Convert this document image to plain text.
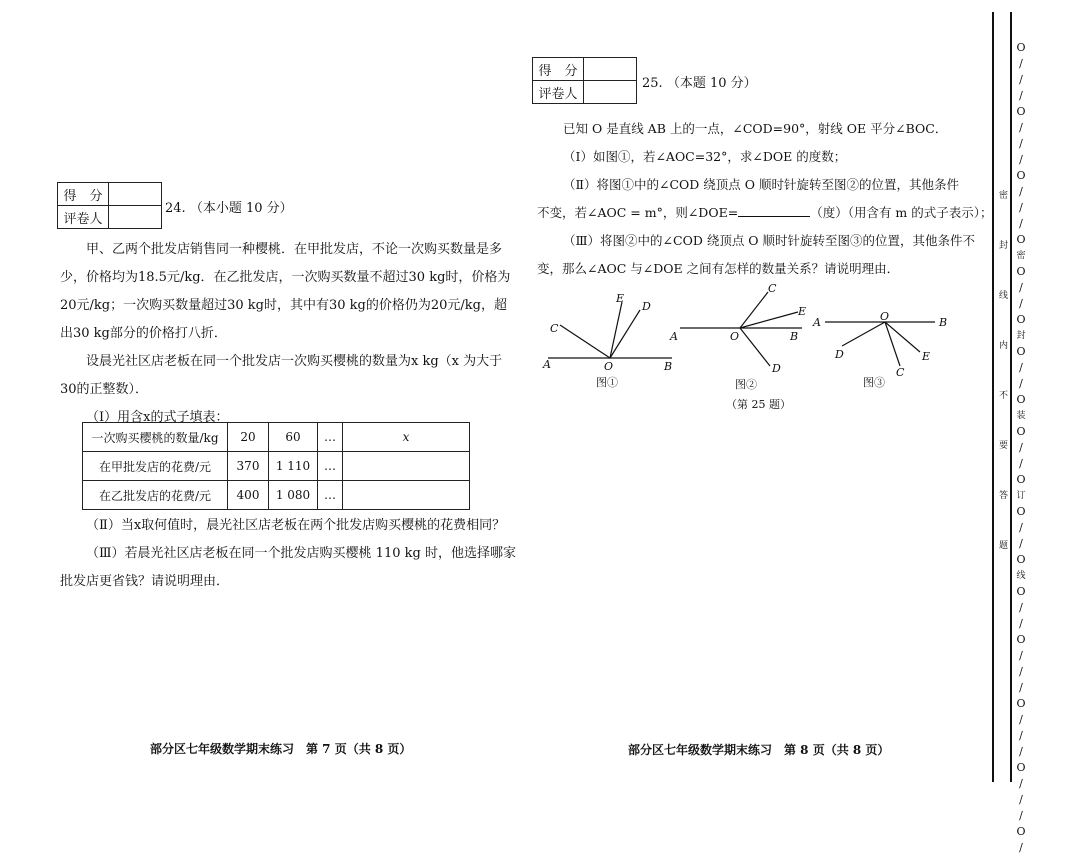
得　分	
评卷人	
24. （本小题 10 分）
甲、乙两个批发店销售同一种樱桃．在甲批发店，不论一次购买数量是多
少，价格均为18.5元/kg．在乙批发店，一次购买数量不超过30 kg时，价格为
20元/kg；一次购买数量超过30 kg时，其中有30 kg的价格仍为20元/kg，超
出30 kg部分的价格打八折．
设晨光社区店老板在同一个批发店一次购买樱桃的数量为x kg（x 为大于
30的正整数）．
（Ⅰ）用含x的式子填表：
一次购买樱桃的数量/kg	20	60	…	x
在甲批发店的花费/元	370	1 110	…	
在乙批发店的花费/元	400	1 080	…	
（Ⅱ）当x取何值时，晨光社区店老板在两个批发店购买樱桃的花费相同？
（Ⅲ）若晨光社区店老板在同一个批发店购买樱桃 110 kg 时，他选择哪家
批发店更省钱？请说明理由．
部分区七年级数学期末练习　第 7 页（共 8 页）
得　分	
评卷人	
25. （本题 10 分）
已知 O 是直线 AB 上的一点，∠COD=90°，射线 OE 平分∠BOC．
（Ⅰ）如图①，若∠AOC=32°，求∠DOE 的度数；
（Ⅱ）将图①中的∠COD 绕顶点 O 顺时针旋转至图②的位置，其他条件
不变，若∠AOC = m°，则∠DOE=	（度）（用含有 m 的式子表示）；
（Ⅲ）将图②中的∠COD 绕顶点 O 顺时针旋转至图③的位置，其他条件不
变，那么∠AOC 与∠DOE 之间有怎样的数量关系？请说明理由．
A	B
C
D
E
O
A	B
C
D
E
O
A	B
C
D	E
O
图①	图②	图③
（第 25 题）
部分区七年级数学期末练习　第 8 页（共 8 页）
密
封
线
内
不
要
答
题
O
/
/
/
O
/
/
/
O
/
/
/
O
密
O
/
/
O
封
O
/
/
O
装
O
/
/
O
订
O
/
/
O
线
O
/
/
O
/
/
/
O
/
/
/
O
/
/
/
O
/
